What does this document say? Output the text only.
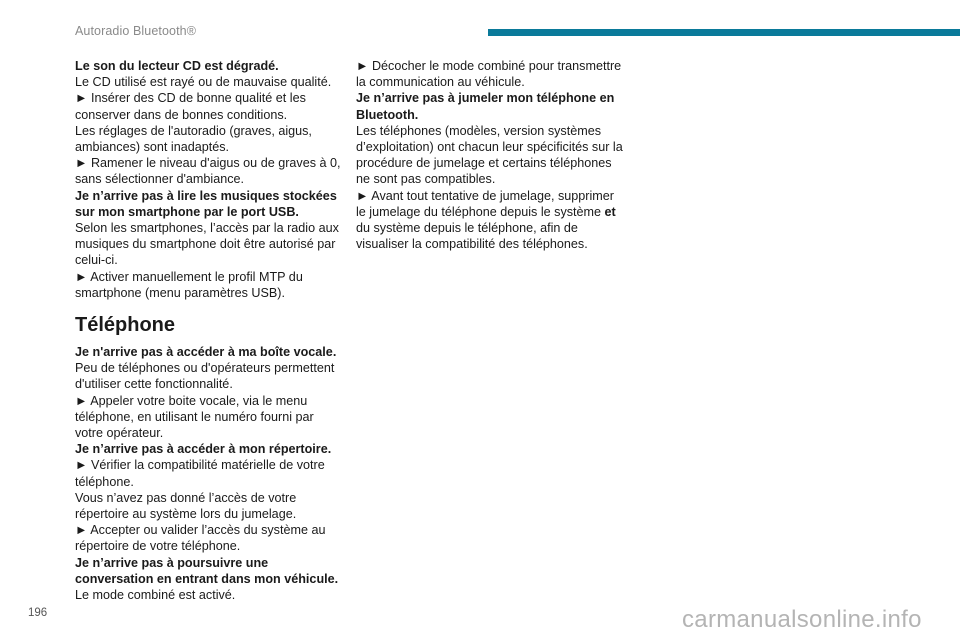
Autoradio Bluetooth®

Le son du lecteur CD est dégradé.

Le CD utilisé est rayé ou de mauvaise qualité.

► Insérer des CD de bonne qualité et les conserver dans de bonnes conditions.

Les réglages de l'autoradio (graves, aigus, ambiances) sont inadaptés.

► Ramener le niveau d'aigus ou de graves à 0, sans sélectionner d'ambiance.

Je n’arrive pas à lire les musiques stockées sur mon smartphone par le port USB.

Selon les smartphones, l’accès par la radio aux musiques du smartphone doit être autorisé par celui-ci.

► Activer manuellement le profil MTP du smartphone (menu paramètres USB).

Téléphone

Je n'arrive pas à accéder à ma boîte vocale.

Peu de téléphones ou d'opérateurs permettent d'utiliser cette fonctionnalité.

► Appeler votre boite vocale, via le menu téléphone, en utilisant le numéro fourni par votre opérateur.

Je n’arrive pas à accéder à mon répertoire.

► Vérifier la compatibilité matérielle de votre téléphone.

Vous n’avez pas donné l’accès de votre répertoire au système lors du jumelage.

► Accepter ou valider l’accès du système au répertoire de votre téléphone.

Je n’arrive pas à poursuivre une conversation en entrant dans mon véhicule.

Le mode combiné est activé.

► Décocher le mode combiné pour transmettre la communication au véhicule.

Je n’arrive pas à jumeler mon téléphone en Bluetooth.

Les téléphones (modèles, version systèmes d’exploitation) ont chacun leur spécificités sur la procédure de jumelage et certains téléphones ne sont pas compatibles.

► Avant tout tentative de jumelage, supprimer le jumelage du téléphone depuis le système et du système depuis le téléphone, afin de visualiser la compatibilité des téléphones.

196	carmanualsonline.info
